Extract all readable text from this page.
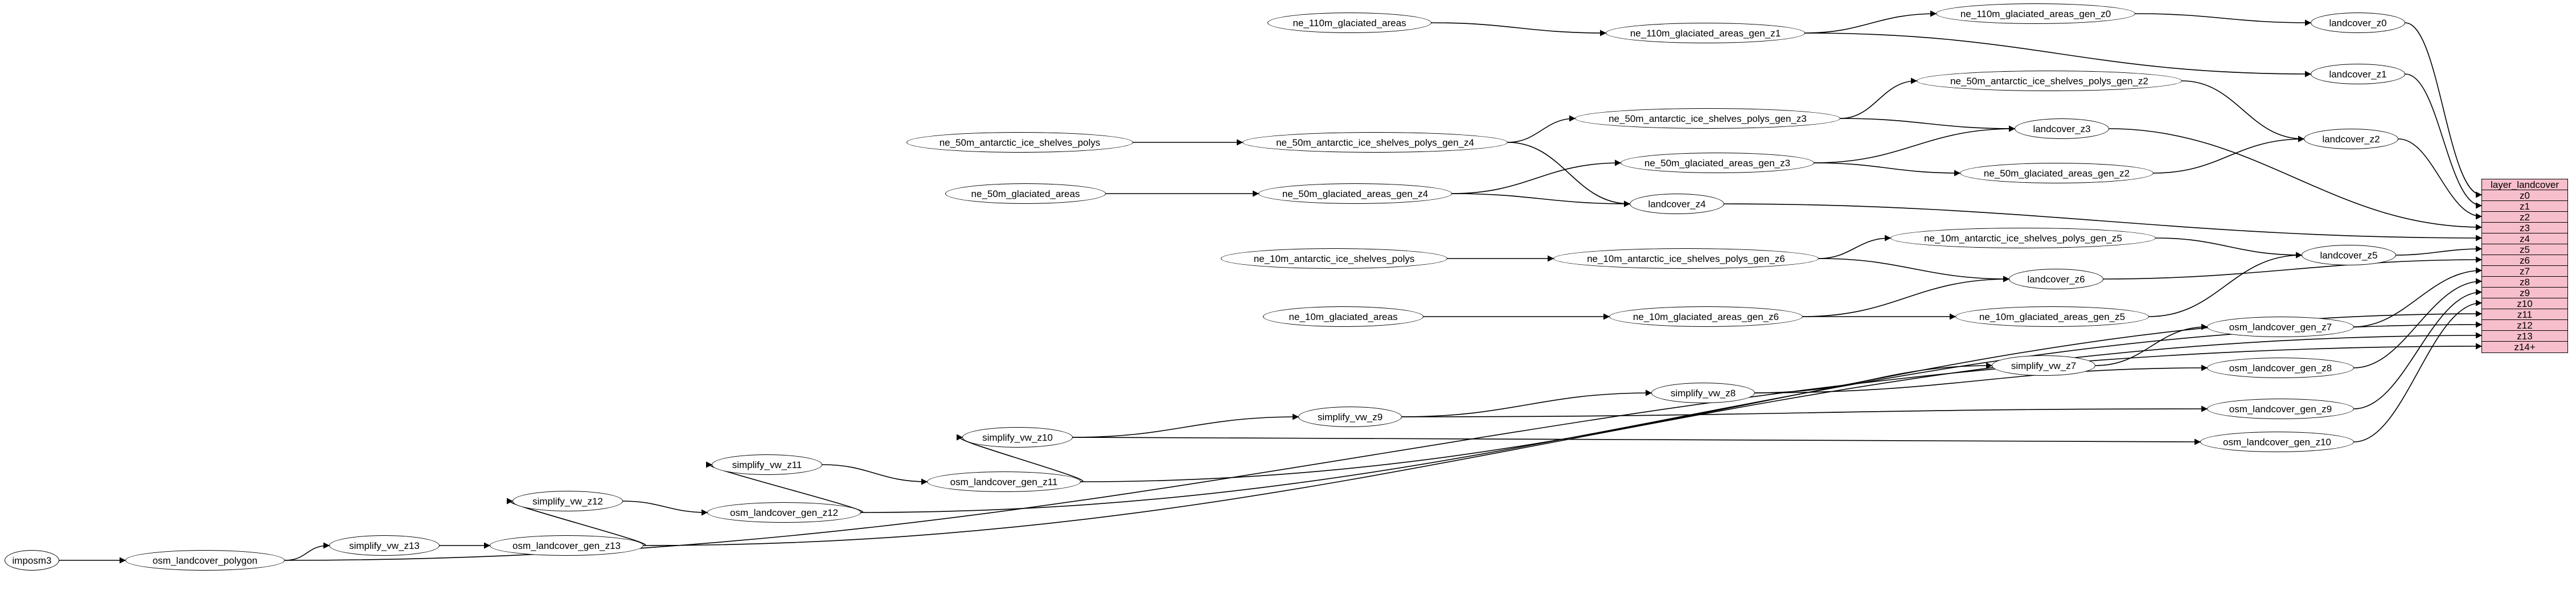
imposm3	osm_landcover_polygon
simplify_vw_z13	osm_landcover_gen_z13
simplify_vw_z12
osm_landcover_gen_z12
simplify_vw_z11
osm_landcover_gen_z11
simplify_vw_z10
simplify_vw_z9
simplify_vw_z8
simplify_vw_z7
osm_landcover_gen_z10
osm_landcover_gen_z9
osm_landcover_gen_z8
osm_landcover_gen_z7
ne_110m_glaciated_areas
ne_110m_glaciated_areas_gen_z1
ne_110m_glaciated_areas_gen_z0
landcover_z0
landcover_z1
ne_50m_antarctic_ice_shelves_polys_gen_z2
landcover_z2
ne_50m_antarctic_ice_shelves_polys	ne_50m_antarctic_ice_shelves_polys_gen_z4
ne_50m_antarctic_ice_shelves_polys_gen_z3
landcover_z3
ne_50m_glaciated_areas	ne_50m_glaciated_areas_gen_z4
ne_50m_glaciated_areas_gen_z3
ne_50m_glaciated_areas_gen_z2
landcover_z4
ne_10m_antarctic_ice_shelves_polys	ne_10m_antarctic_ice_shelves_polys_gen_z6
ne_10m_antarctic_ice_shelves_polys_gen_z5
landcover_z5
landcover_z6
ne_10m_glaciated_areas	ne_10m_glaciated_areas_gen_z6	ne_10m_glaciated_areas_gen_z5
layer_landcover
z0
z1
z2
z3
z4
z5
z6
z7
z8
z9
z10
z11
z12
z13
z14+
